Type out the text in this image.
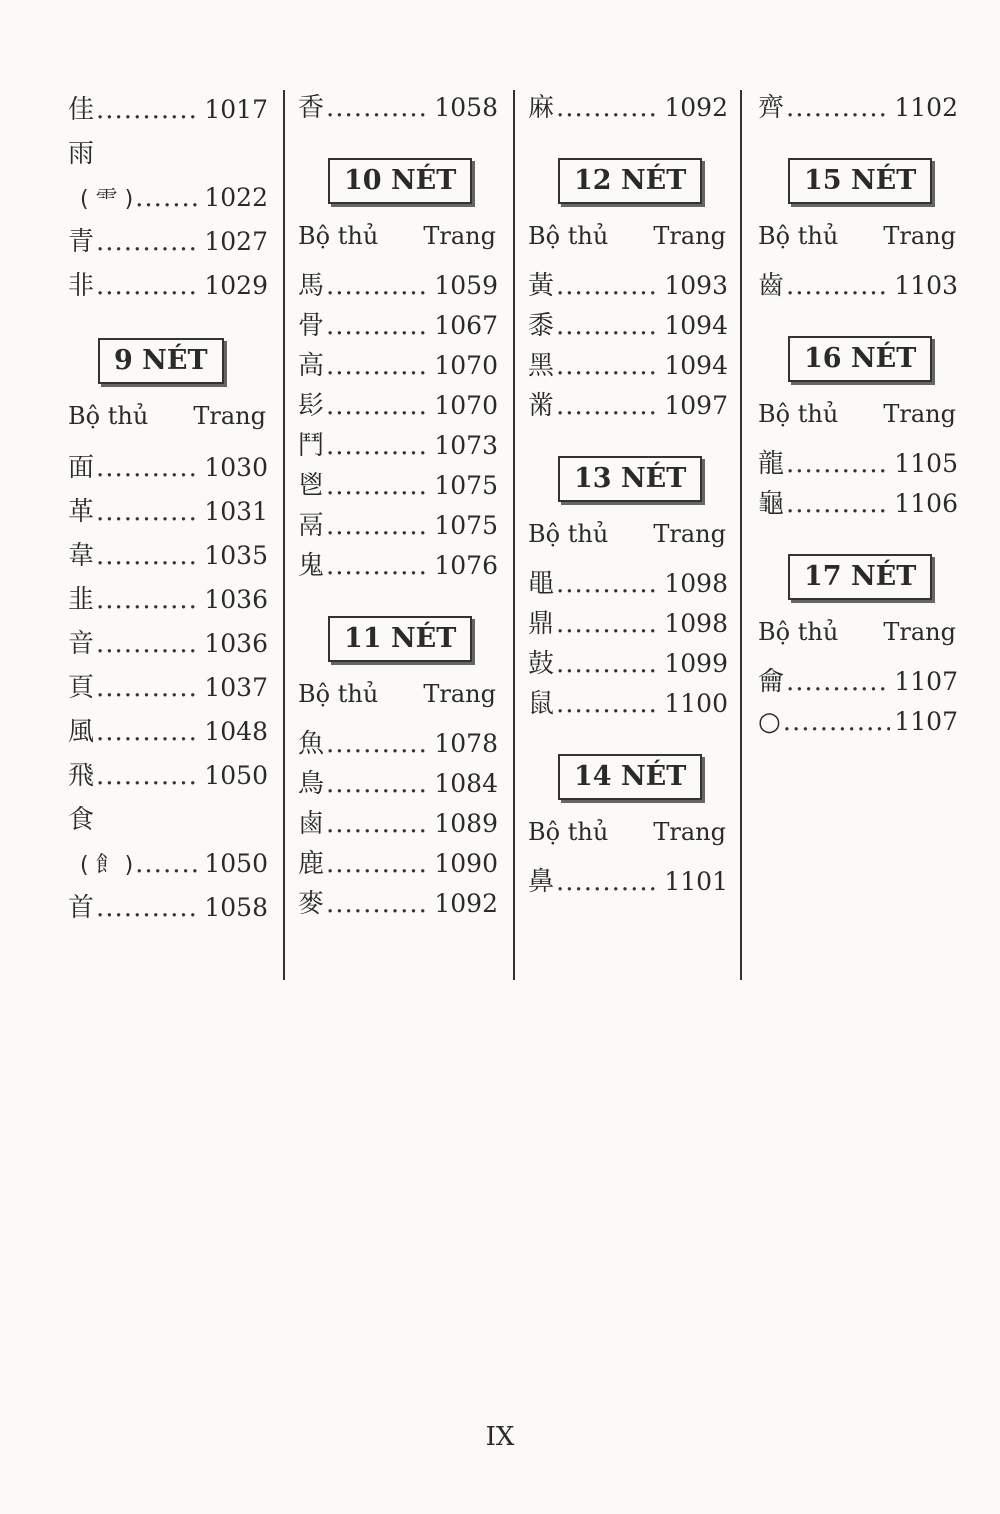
佳 .....	1017
雨
( ⻗ ) .....	1022
青 .....	1027
非 .....	1029
9 NÉT
Bộ thủ Trang
面 .....	1030
革 .....	1031
韋 .....	1035
韭 .....	1036
音 .....	1036
頁 .....	1037
風 .....	1048
飛 .....	1050
食
( 飠 ) .....	1050
首 .....	1058
香 .....	1058
10 NÉT
Bộ thủ Trang
馬 .....	1059
骨 .....	1067
高 .....	1070
髟 .....	1070
鬥 .....	1073
鬯 .....	1075
鬲 .....	1075
鬼 .....	1076
11 NÉT
Bộ thủ Trang
魚 .....	1078
鳥 .....	1084
鹵 .....	1089
鹿 .....	1090
麥 .....	1092
麻 .....	1092
12 NÉT
Bộ thủ Trang
黃 .....	1093
黍 .....	1094
黑 .....	1094
黹 .....	1097
13 NÉT
Bộ thủ Trang
黽 .....	1098
鼎 .....	1098
鼓 .....	1099
鼠 .....	1100
14 NÉT
Bộ thủ Trang
鼻 .....	1101
齊 .....	1102
15 NÉT
Bộ thủ Trang
齒 .....	1103
16 NÉT
Bộ thủ Trang
龍 .....	1105
龜 .....	1106
17 NÉT
Bộ thủ Trang
龠 .....	1107
○ .....	1107
IX
